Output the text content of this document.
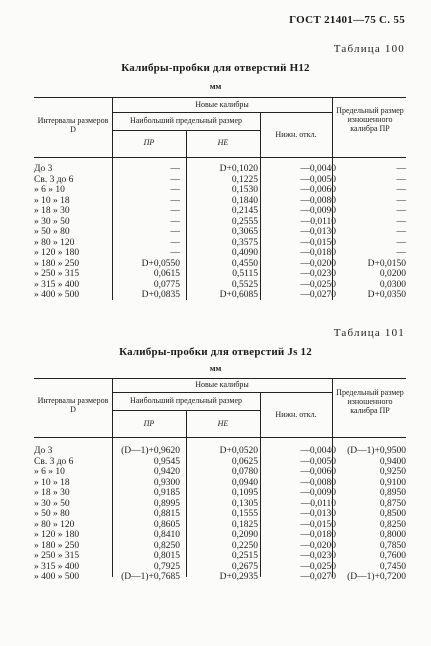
ГОСТ 21401—75 С. 55
Таблица 100
Калибры-пробки для отверстий H12
мм
Интервалы размеров D
Новые калибры
Наибольший предельный размер
ПР	НЕ
Нижн. откл.
Предельный размер изношенного калибра ПР
До 3	—	D+0,1020	—0,0040	—
Св. 3 до 6	—	0,1225	—0,0050	—
» 6 » 10	—	0,1530	—0,0060	—
» 10 » 18	—	0,1840	—0,0080	—
» 18 » 30	—	0,2145	—0,0090	—
» 30 » 50	—	0,2555	—0,0110	—
» 50 » 80	—	0,3065	—0,0130	—
» 80 » 120	—	0,3575	—0,0150	—
» 120 » 180	—	0,4090	—0,0180	—
» 180 » 250	D+0,0550	0,4550	—0,0200	D+0,0150
» 250 » 315	0,0615	0,5115	—0,0230	0,0200
» 315 » 400	0,0775	0,5525	—0,0250	0,0300
» 400 » 500	D+0,0835	D+0,6085	—0,0270	D+0,0350
Таблица 101
Калибры-пробки для отверстий Js 12
мм
Интервалы размеров D
Новые калибры
Наибольший предельный размер
ПР	НЕ
Нижн. откл.
Предельный размер изношенного калибра ПР
До 3	(D—1)+0,9620	D+0,0520	—0,0040	(D—1)+0,9500
Св. 3 до 6	0,9545	0,0625	—0,0050	0,9400
» 6 » 10	0,9420	0,0780	—0,0060	0,9250
» 10 » 18	0,9300	0,0940	—0,0080	0,9100
» 18 » 30	0,9185	0,1095	—0,0090	0,8950
» 30 » 50	0,8995	0,1305	—0,0110	0,8750
» 50 » 80	0,8815	0,1555	—0,0130	0,8500
» 80 » 120	0,8605	0,1825	—0,0150	0,8250
» 120 » 180	0,8410	0,2090	—0,0180	0,8000
» 180 » 250	0,8250	0,2250	—0,0200	0,7850
» 250 » 315	0,8015	0,2515	—0,0230	0,7600
» 315 » 400	0,7925	0,2675	—0,0250	0,7450
» 400 » 500	(D—1)+0,7685	D+0,2935	—0,0270	(D—1)+0,7200
